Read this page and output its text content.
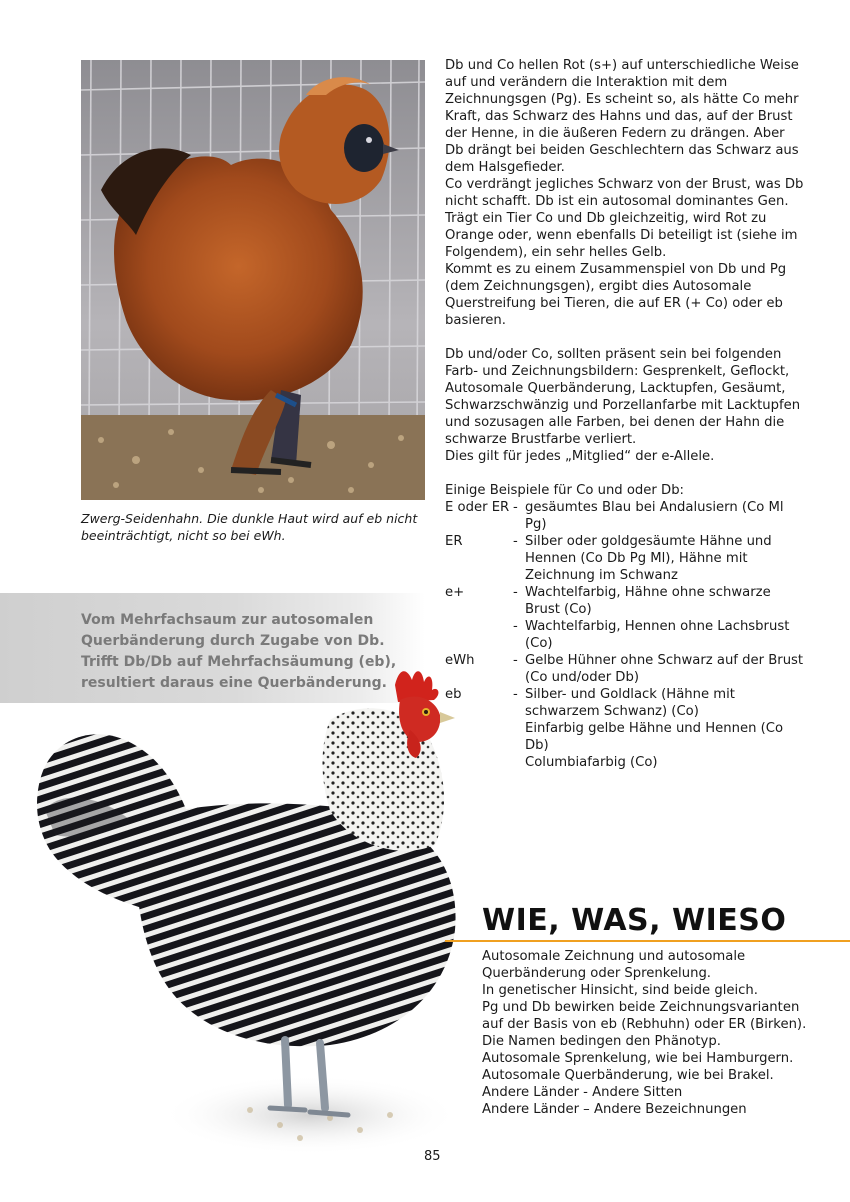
Zwerg-Seidenhahn. Die dunkle Haut wird auf eb nicht beeinträchtigt, nicht so bei eWh.
Vom Mehrfachsaum zur autosomalen Querbänderung durch Zugabe von Db. Trifft Db/Db auf Mehrfachsäumung (eb), resultiert daraus eine Querbänderung.

Db und Co hellen Rot (s+) auf unterschiedliche Weise auf und verändern die Interaktion mit dem Zeichnungsgen (Pg). Es scheint so, als hätte Co mehr Kraft, das Schwarz des Hahns und das, auf der Brust der Henne, in die äußeren Federn zu drängen. Aber Db drängt bei beiden Geschlechtern das Schwarz aus dem Halsgefieder.

Co verdrängt jegliches Schwarz von der Brust, was Db nicht schafft. Db ist ein autosomal dominantes Gen. Trägt ein Tier Co und Db gleichzeitig, wird Rot zu Orange oder, wenn ebenfalls Di beteiligt ist (siehe im Folgendem), ein sehr helles Gelb.

Kommt es zu einem Zusammenspiel von Db und Pg (dem Zeichnungsgen), ergibt dies Autosomale Querstreifung bei Tieren, die auf ER (+ Co) oder eb basieren.

Db und/oder Co, sollten präsent sein bei folgenden Farb- und Zeichnungsbildern: Gesprenkelt, Geflockt, Autosomale Querbänderung, Lacktupfen, Gesäumt, Schwarzschwänzig und Porzellanfarbe mit Lacktupfen und sozusagen alle Farben, bei denen der Hahn die schwarze Brustfarbe verliert.

Dies gilt für jedes „Mitglied“ der e-Allele.

Einige Beispiele für Co und oder Db:

E oder ER - gesäumtes Blau bei Andalusiern (Co Ml Pg)
ER	- Silber oder goldgesäumte Hähne und
Hennen (Co Db Pg Ml), Hähne mit
Zeichnung im Schwanz
e+	- Wachtelfarbig, Hähne ohne schwarze
Brust (Co)
- Wachtelfarbig, Hennen ohne Lachsbrust
(Co)
eWh	- Gelbe Hühner ohne Schwarz auf der Brust
(Co und/oder Db)
eb	- Silber- und Goldlack (Hähne mit
schwarzem Schwanz) (Co)
Einfarbig gelbe Hähne und Hennen (Co
Db)
Columbiafarbig (Co)
WIE, WAS, WIESO

Autosomale Zeichnung und autosomale

Querbänderung oder Sprenkelung.

In genetischer Hinsicht, sind beide gleich.

Pg und Db bewirken beide Zeichnungsvarianten

auf der Basis von eb (Rebhuhn) oder ER (Birken).

Die Namen bedingen den Phänotyp.

Autosomale Sprenkelung, wie bei Hamburgern.

Autosomale Querbänderung, wie bei Brakel.

Andere Länder - Andere Sitten

Andere Länder – Andere Bezeichnungen

85
